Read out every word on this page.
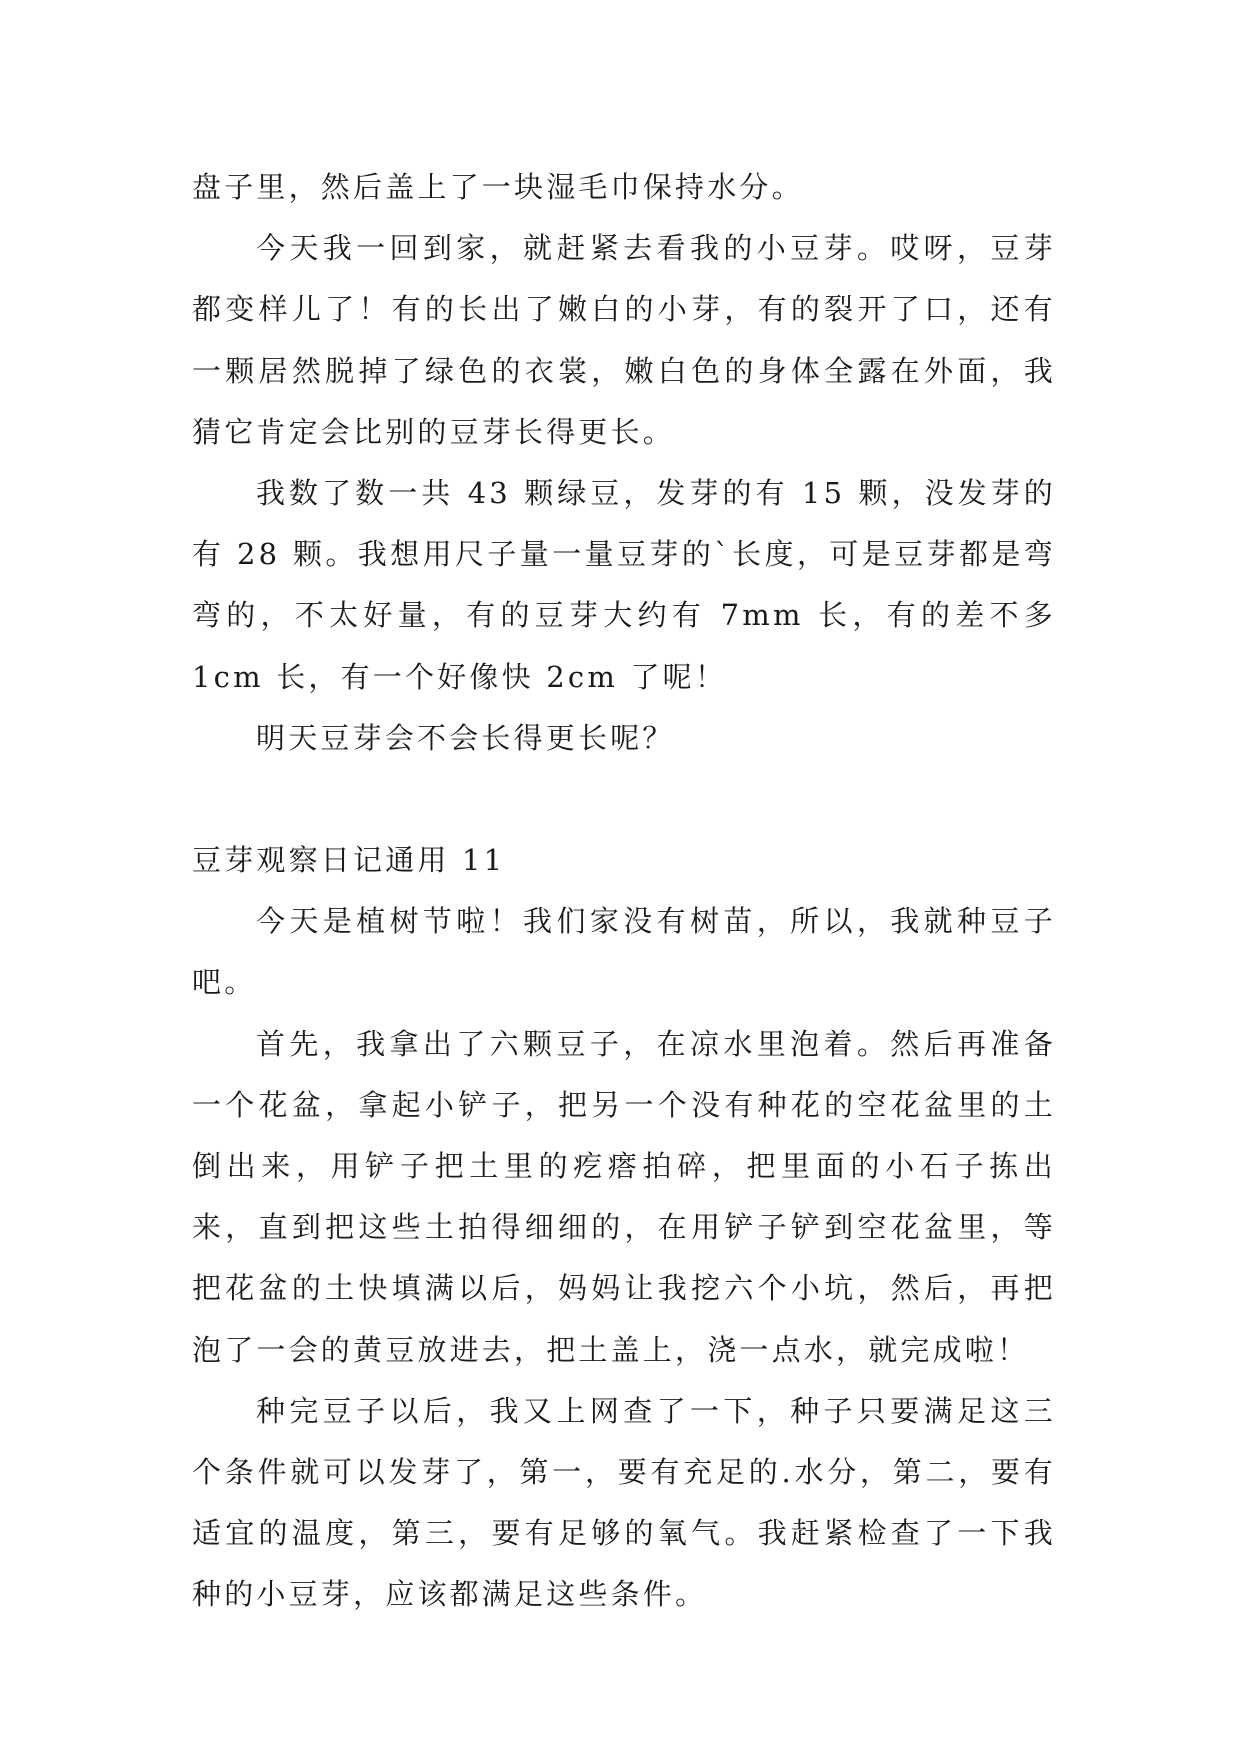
盘子里，然后盖上了一块湿毛巾保持水分。

今天我一回到家，就赶紧去看我的小豆芽。哎呀，豆芽都变样儿了！有的长出了嫩白的小芽，有的裂开了口，还有一颗居然脱掉了绿色的衣裳，嫩白色的身体全露在外面，我猜它肯定会比别的豆芽长得更长。

我数了数一共 43 颗绿豆，发芽的有 15 颗，没发芽的有 28 颗。我想用尺子量一量豆芽的`长度，可是豆芽都是弯弯的，不太好量，有的豆芽大约有 7mm 长，有的差不多 1cm 长，有一个好像快 2cm 了呢！

明天豆芽会不会长得更长呢？

豆芽观察日记通用 11

今天是植树节啦！我们家没有树苗，所以，我就种豆子吧。

首先，我拿出了六颗豆子，在凉水里泡着。然后再准备一个花盆，拿起小铲子，把另一个没有种花的空花盆里的土倒出来，用铲子把土里的疙瘩拍碎，把里面的小石子拣出来，直到把这些土拍得细细的，在用铲子铲到空花盆里，等把花盆的土快填满以后，妈妈让我挖六个小坑，然后，再把泡了一会的黄豆放进去，把土盖上，浇一点水，就完成啦！

种完豆子以后，我又上网查了一下，种子只要满足这三个条件就可以发芽了，第一，要有充足的.水分，第二，要有适宜的温度，第三，要有足够的氧气。我赶紧检查了一下我种的小豆芽，应该都满足这些条件。
